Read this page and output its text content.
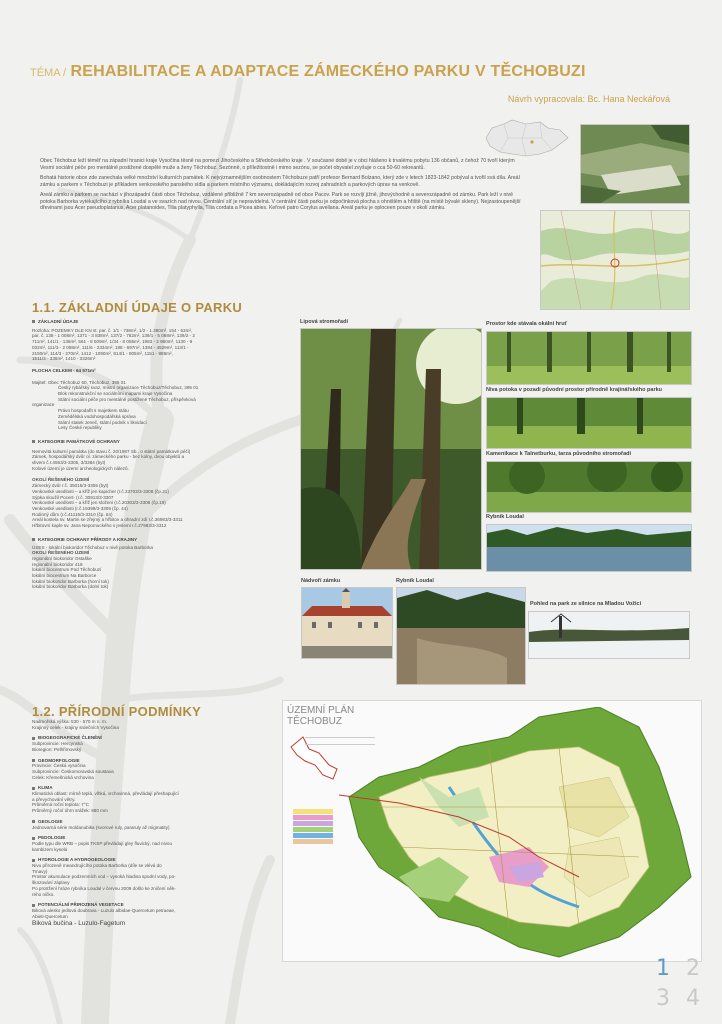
TÉMA / REHABILITACE A ADAPTACE ZÁMECKÉHO PARKU V TĚCHOBUZI
Návrh vypracovala: Bc. Hana Neckářová

Obec Těchobuz leží téměř na západní hranici kraje Vysočina těsně na pomezí Jihočeského a Středočeského kraje . V současné době je v obci hlášeno k trvalému pobytu 136 občanů, z čehož 70 tvoří kterým Vesmí sociální péče pro mentálně postižené dospělé muže a ženy Těchobuz. Sezónně, o příležitostně i mimo sezónu, se počet obyvatel zvyšuje o cca 50-60 rekreantů.

Bohatá historie obce zde zanechala velké množství kulturních památek. K nejvýznamnějším osobnostem Těchobuze patří profesor Bernard Bolzano, který zde v letech 1823-1842 pobýval a tvořil svá díla. Areál zámku a parkem v Těchobuzi je příkladem venkovského panského sídla a parkem místního významu, dokládajícím rozvoj zahradních a parkových úprav na venkově.

Areál zámku a parkem se nachází v jihozápadní části obce Těchobuz, vzdálené přibližně 7 km severozápadně od obce Pacov. Park se rozvíjí jižně, jihovýchodně a severozápadně od zámku. Park leží v nivě potoka Barborka vytékajícího z rybníka Loudal a ve svazích nad nivou. Centrální síť je nepravidelná. V centrální části parku je odpočinková plocha s ohništěm a hřiště (na místě bývalé skleny). Nejzastoupenější dřevinami jsou Acer pseudoplatanus, Acer platanoides, Tilia platyphylla, Tilia cordata a Picea abies. Keřové patro Corylus avellana. Areál parku je oploceen pouze v okolí zámku.

1.1. ZÁKLADNÍ ÚDAJE O PARKU
ZÁKLADNÍ ÚDAJE

Rozloha: POZEMKY DLE KN st. par. č. 1/1 - 738m², 1/2 - 1.380m², 154 - 53m²,

par. č. 138 - 1 008m², 1371 - 3 838m², 137/2 - 762m², 139/1 - 5 068m², 139/2 - 2

711m², 141/1 - 136m², 561 - 8 509m², 1/34 - 8 055m², 1983 - 2 960m², 1130 - 9

032m², 111/3 - 2 088m², 111/6 - 2334m², 188 - 697m², 1384 - 4529m², 113/1 -

2150m², 114/3 - 270m², 1412 - 1090m², 914/1 - 805m², 1151 - 986m²,

1511/3 - 336m², 1410 - 3326m²

PLOCHA CELKEM - 64 571m²

Majitel: Obec Těchobuz 60, Těchobuz, 395 01

Český rybářský svaz, místní organizace Těchobuz/Těchobuz, 395 01

Blok rekonstrukční se sociálními mapami kraje Vysočina

Státní sociální péče pro mentálně postižené Těchobuz, příspěvková

organizace

Právo hospodařit s majetkem státu

Zemědělská vodohospodářská správa

Státní statek Jeneč, státní podnik v likvidaci

Lesy České republiky

KATEGORIE PAMÁTKOVÉ OCHRANY

Nemovitá kulturní památka (do stavu č. 20/1987 Sb., o státní památkové péči)

Zámek, hospodářský dvůr ol. zámeckého parku - bez kolny, dvou objektů a

vlivem č.r.4553/3-3305, 3/3384 (byt)

Kolové území je území archeologických nálezů.

OKOLÍ ŘEŠENÉHO ÚZEMÍ

Zámecký dvůr r.č. 35015/3-3305 (byt)

Venkovské usedlosti – a kříž jen kapicher (r.č.23703/3-3308 (čp.21)

Sýpka sloužil Pocert- (r.č. 30913/3-3307

Venkovské usedlosti – a kříž jen složeni (r.č.20303/3-3308 (čp.19)

Venkovské usedlosti (r.č.19399/3-3309 (čp. 44)

Rodinný dům (r.č.41115/3-3310 (čp. 64)

Areál kostela sv. Martin se zřejmý a hřbitov a ohradní zdí r.č.36983/3-3311

Hřbitovní kaple sv. Jana Nepomuckého s jeslemi r.č.27983/3-3312

KATEGORIE OCHRANY PŘÍRODY A KRAJINY

ÚSES - lokální biokoridor Těchobuz v nivě potoka Barborka

OKOLÍ ŘEŠENÉHO ÚZEMÍ

regionální biokoridor Ostaške

regionální biokoridor 418

lokální biocentrum Pod Těchobuzí

lokální biocentrum Na Barborce

lokální biokoridor Barborka (horní tok)

lokální biokoridor Barborka (dolní tok)

1.2. PŘÍRODNÍ PODMÍNKY

Nadmořská výška: 530 - 570 m n. m.

Krajinný celek - krajiny srdečních Vysočina

BIOGEOGRAFICKÉ ČLENĚNÍ

Subprovincie: Hercynská

Bioregion: Pelhřimovský

GEOMORFOLOGIE

Provincie: Česká vysočina

Subprovincie: Českomoravská soustava

Celek: Křemešnická vrchovina

KLIMA

Klimatická oblast: mírně teplá, vlhká, vrchovinná, převládají přeshapující

a převychování větry.

Průměrná roční teplota: 7°C

Průměrný roční úhrn srážek: 680 mm

GEOLOGIE

Jednovarná série moldanubika (svorové ruly, pararuly až migmatity)

PEDOLOGIE

Podle typu dle WRB – popis TKSP převládají gley fluvický, nad nivou

kambizem kyselá

HYDROLOGIE A HYDROGEOLOGIE

Nivu přirozeně meandrujícího potoka Barborka (díle se vlévá do

Trnavy)

Prostor akumulace podzemních vod – vysoká hladina spodní vody, po-

škozování záplavy

Po protržení hráze rybníka Loudal v červnu 2009 došlo ke zničení něk-

rého ničko.

POTENCIÁLNÍ PŘIROZENÁ VEGETACE

Biková alesko jedlová doubrava - Luzulo albidae-Quercetum petraeae,

Abieti-Quercetum

Biková bučina - Luzulo-Fagetum

Lipová stromořadí	Prostor kde stávala okální hruť
Niva potoka v pozadí původní prostor přírodně krajinářského parku
Kamenikace k Talnetburku, tarza původního stromořadí
Rybník Loudal
Nádvoří zámku	Rybník Loudal
Pohled na park ze silnice na Mladou Vožici
ÚZEMNÍ PLÁN
TĚCHOBUZ
1 2
3 4
